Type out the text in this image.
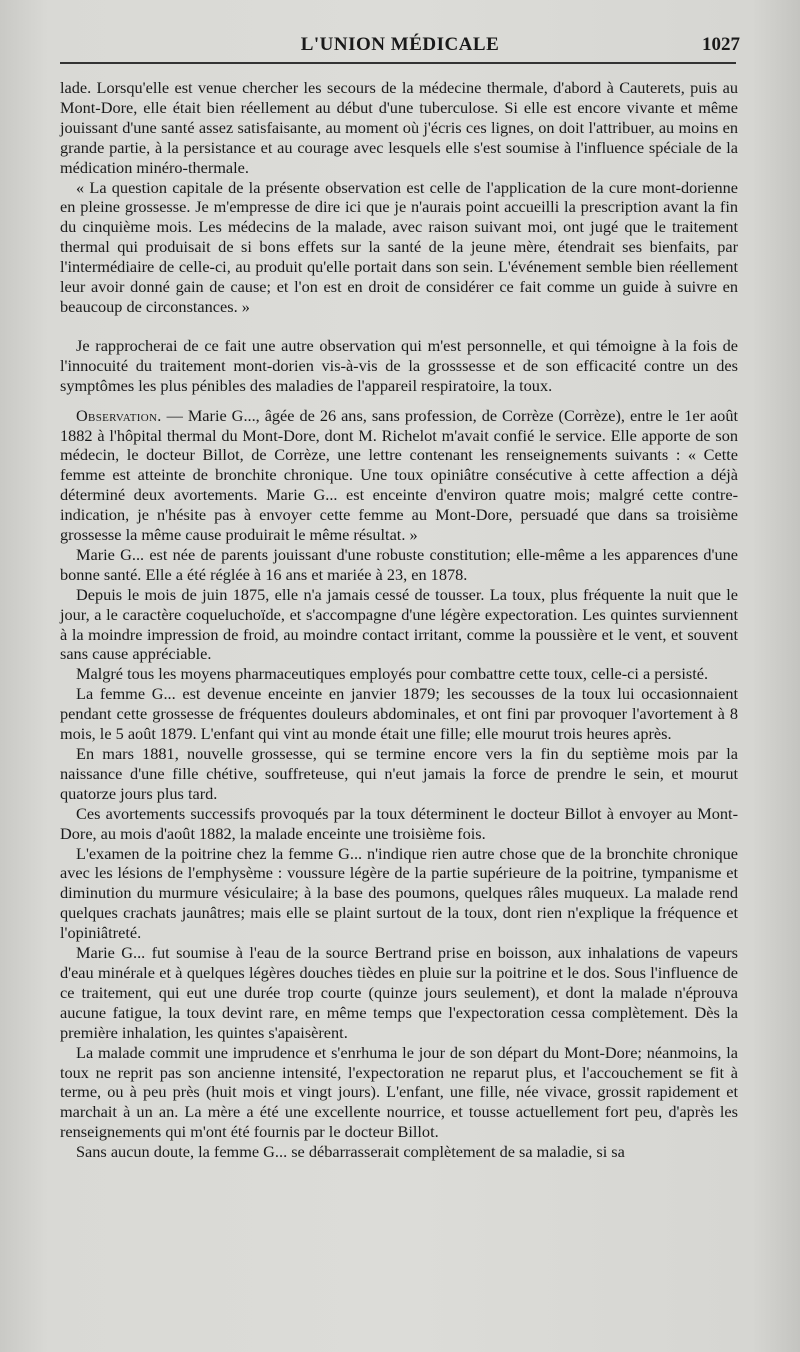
L'UNION MÉDICALE	1027

lade. Lorsqu'elle est venue chercher les secours de la médecine thermale, d'abord à Cauterets, puis au Mont-Dore, elle était bien réellement au début d'une tuberculose. Si elle est encore vivante et même jouissant d'une santé assez satisfaisante, au moment où j'écris ces lignes, on doit l'attribuer, au moins en grande partie, à la persistance et au courage avec lesquels elle s'est soumise à l'influence spéciale de la médication minéro-thermale.

« La question capitale de la présente observation est celle de l'application de la cure mont-dorienne en pleine grossesse. Je m'empresse de dire ici que je n'aurais point accueilli la prescription avant la fin du cinquième mois. Les médecins de la malade, avec raison suivant moi, ont jugé que le traitement thermal qui produisait de si bons effets sur la santé de la jeune mère, étendrait ses bienfaits, par l'intermédiaire de celle-ci, au produit qu'elle portait dans son sein. L'événement semble bien réellement leur avoir donné gain de cause; et l'on est en droit de considérer ce fait comme un guide à suivre en beaucoup de circonstances. »

Je rapprocherai de ce fait une autre observation qui m'est personnelle, et qui témoigne à la fois de l'innocuité du traitement mont-dorien vis-à-vis de la grosssesse et de son efficacité contre un des symptômes les plus pénibles des maladies de l'appareil respiratoire, la toux.

Observation. — Marie G..., âgée de 26 ans, sans profession, de Corrèze (Corrèze), entre le 1er août 1882 à l'hôpital thermal du Mont-Dore, dont M. Richelot m'avait confié le service. Elle apporte de son médecin, le docteur Billot, de Corrèze, une lettre contenant les renseignements suivants : « Cette femme est atteinte de bronchite chronique. Une toux opiniâtre consécutive à cette affection a déjà déterminé deux avortements. Marie G... est enceinte d'environ quatre mois; malgré cette contre-indication, je n'hésite pas à envoyer cette femme au Mont-Dore, persuadé que dans sa troisième grossesse la même cause produirait le même résultat. »

Marie G... est née de parents jouissant d'une robuste constitution; elle-même a les apparences d'une bonne santé. Elle a été réglée à 16 ans et mariée à 23, en 1878.

Depuis le mois de juin 1875, elle n'a jamais cessé de tousser. La toux, plus fréquente la nuit que le jour, a le caractère coqueluchoïde, et s'accompagne d'une légère expectoration. Les quintes surviennent à la moindre impression de froid, au moindre contact irritant, comme la poussière et le vent, et souvent sans cause appréciable.

Malgré tous les moyens pharmaceutiques employés pour combattre cette toux, celle-ci a persisté.

La femme G... est devenue enceinte en janvier 1879; les secousses de la toux lui occasionnaient pendant cette grossesse de fréquentes douleurs abdominales, et ont fini par provoquer l'avortement à 8 mois, le 5 août 1879. L'enfant qui vint au monde était une fille; elle mourut trois heures après.

En mars 1881, nouvelle grossesse, qui se termine encore vers la fin du septième mois par la naissance d'une fille chétive, souffreteuse, qui n'eut jamais la force de prendre le sein, et mourut quatorze jours plus tard.

Ces avortements successifs provoqués par la toux déterminent le docteur Billot à envoyer au Mont-Dore, au mois d'août 1882, la malade enceinte une troisième fois.

L'examen de la poitrine chez la femme G... n'indique rien autre chose que de la bronchite chronique avec les lésions de l'emphysème : voussure légère de la partie supérieure de la poitrine, tympanisme et diminution du murmure vésiculaire; à la base des poumons, quelques râles muqueux. La malade rend quelques crachats jaunâtres; mais elle se plaint surtout de la toux, dont rien n'explique la fréquence et l'opiniâtreté.

Marie G... fut soumise à l'eau de la source Bertrand prise en boisson, aux inhalations de vapeurs d'eau minérale et à quelques légères douches tièdes en pluie sur la poitrine et le dos. Sous l'influence de ce traitement, qui eut une durée trop courte (quinze jours seulement), et dont la malade n'éprouva aucune fatigue, la toux devint rare, en même temps que l'expectoration cessa complètement. Dès la première inhalation, les quintes s'apaisèrent.

La malade commit une imprudence et s'enrhuma le jour de son départ du Mont-Dore; néanmoins, la toux ne reprit pas son ancienne intensité, l'expectoration ne reparut plus, et l'accouchement se fit à terme, ou à peu près (huit mois et vingt jours). L'enfant, une fille, née vivace, grossit rapidement et marchait à un an. La mère a été une excellente nourrice, et tousse actuellement fort peu, d'après les renseignements qui m'ont été fournis par le docteur Billot.

Sans aucun doute, la femme G... se débarrasserait complètement de sa maladie, si sa
